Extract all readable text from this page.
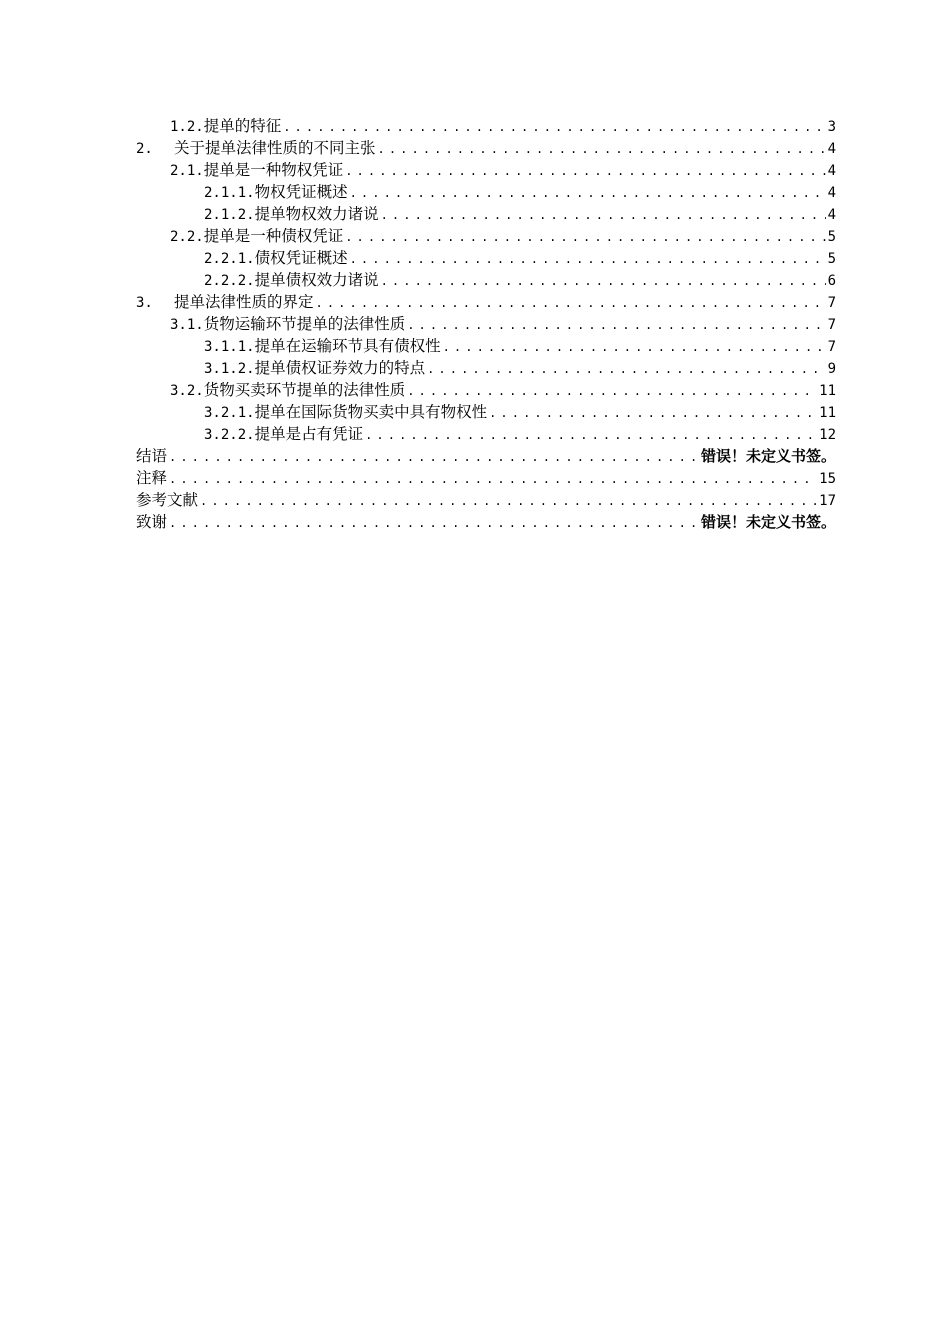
1.2. 提单的特征 .....	3
2.	关于提单法律性质的不同主张 .....	4
2.1. 提单是一种物权凭证 .....	4
2.1.1. 物权凭证概述 .....	4
2.1.2. 提单物权效力诸说 .....	4
2.2. 提单是一种债权凭证 .....	5
2.2.1. 债权凭证概述 .....	5
2.2.2. 提单债权效力诸说 .....	6
3.	提单法律性质的界定 .....	7
3.1. 货物运输环节提单的法律性质 .....	7
3.1.1. 提单在运输环节具有债权性 .....	7
3.1.2. 提单债权证券效力的特点 .....	9
3.2. 货物买卖环节提单的法律性质 .....	11
3.2.1. 提单在国际货物买卖中具有物权性 .....	11
3.2.2. 提单是占有凭证 .....	12
结语 .....	错误！未定义书签。
注释 .....	15
参考文献 .....	17
致谢 .....	错误！未定义书签。
